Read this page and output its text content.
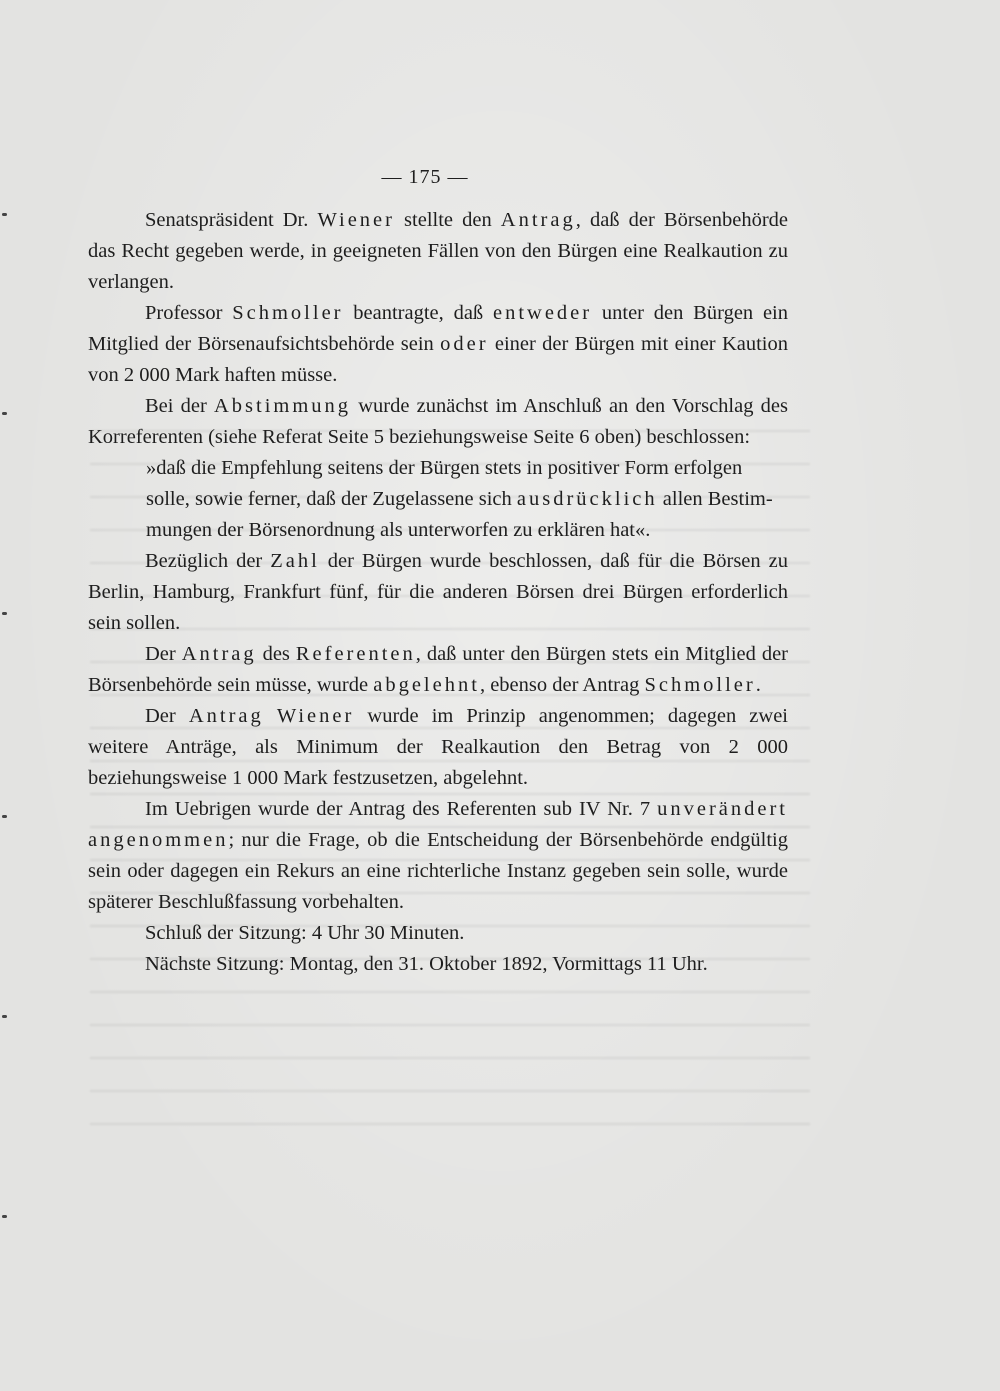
— 175 —

Senatspräsident Dr. Wiener stellte den Antrag, daß der Börsenbehörde das Recht gegeben werde, in geeigneten Fällen von den Bürgen eine Realkaution zu verlangen.

Professor Schmoller beantragte, daß entweder unter den Bürgen ein Mitglied der Börsenaufsichtsbehörde sein oder einer der Bürgen mit einer Kaution von 2 000 Mark haften müsse.

Bei der Abstimmung wurde zunächst im Anschluß an den Vorschlag des Korreferenten (siehe Referat Seite 5 beziehungsweise Seite 6 oben) beschlossen:

»daß die Empfehlung seitens der Bürgen stets in positiver Form erfolgen
solle, sowie ferner, daß der Zugelassene sich ausdrücklich allen Bestim-
mungen der Börsenordnung als unterworfen zu erklären hat«.

Bezüglich der Zahl der Bürgen wurde beschlossen, daß für die Börsen zu Berlin, Hamburg, Frankfurt fünf, für die anderen Börsen drei Bürgen erforderlich sein sollen.

Der Antrag des Referenten, daß unter den Bürgen stets ein Mitglied der Börsenbehörde sein müsse, wurde abgelehnt, ebenso der Antrag Schmoller.

Der Antrag Wiener wurde im Prinzip angenommen; dagegen zwei weitere Anträge, als Minimum der Realkaution den Betrag von 2 000 beziehungsweise 1 000 Mark festzusetzen, abgelehnt.

Im Uebrigen wurde der Antrag des Referenten sub IV Nr. 7 unverändert angenommen; nur die Frage, ob die Entscheidung der Börsenbehörde endgültig sein oder dagegen ein Rekurs an eine richterliche Instanz gegeben sein solle, wurde späterer Beschlußfassung vorbehalten.

Schluß der Sitzung: 4 Uhr 30 Minuten.

Nächste Sitzung: Montag, den 31. Oktober 1892, Vormittags 11 Uhr.
